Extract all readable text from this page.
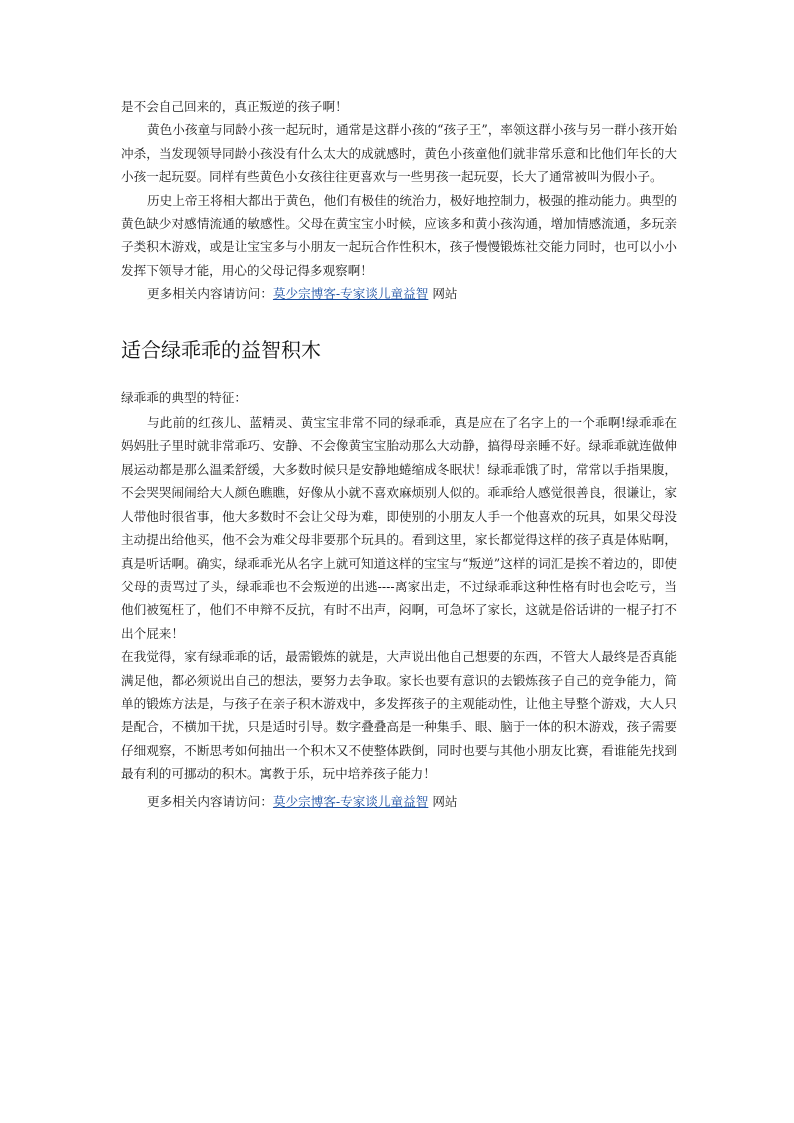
是不会自己回来的，真正叛逆的孩子啊！

黄色小孩童与同龄小孩一起玩时，通常是这群小孩的“孩子王”，率领这群小孩与另一群小孩开始冲杀，当发现领导同龄小孩没有什么太大的成就感时，黄色小孩童他们就非常乐意和比他们年长的大小孩一起玩耍。同样有些黄色小女孩往往更喜欢与一些男孩一起玩耍，长大了通常被叫为假小子。

历史上帝王将相大都出于黄色，他们有极佳的统治力，极好地控制力，极强的推动能力。典型的黄色缺少对感情流通的敏感性。父母在黄宝宝小时候，应该多和黄小孩沟通，增加情感流通，多玩亲子类积木游戏，或是让宝宝多与小朋友一起玩合作性积木，孩子慢慢锻炼社交能力同时，也可以小小发挥下领导才能，用心的父母记得多观察啊！

更多相关内容请访问：莫少宗博客-专家谈儿童益智 网站

适合绿乖乖的益智积木

绿乖乖的典型的特征：

与此前的红孩儿、蓝精灵、黄宝宝非常不同的绿乖乖，真是应在了名字上的一个乖啊!绿乖乖在妈妈肚子里时就非常乖巧、安静、不会像黄宝宝胎动那么大动静，搞得母亲睡不好。绿乖乖就连做伸展运动都是那么温柔舒缓，大多数时候只是安静地蜷缩成冬眠状！绿乖乖饿了时，常常以手指果腹，不会哭哭闹闹给大人颜色瞧瞧，好像从小就不喜欢麻烦别人似的。乖乖给人感觉很善良，很谦让，家人带他时很省事，他大多数时不会让父母为难，即使别的小朋友人手一个他喜欢的玩具，如果父母没主动提出给他买，他不会为难父母非要那个玩具的。看到这里，家长都觉得这样的孩子真是体贴啊，真是听话啊。确实，绿乖乖光从名字上就可知道这样的宝宝与“叛逆”这样的词汇是挨不着边的，即使父母的责骂过了头，绿乖乖也不会叛逆的出逃----离家出走，不过绿乖乖这种性格有时也会吃亏，当他们被冤枉了，他们不申辩不反抗，有时不出声，闷啊，可急坏了家长，这就是俗话讲的一棍子打不出个屁来！

在我觉得，家有绿乖乖的话，最需锻炼的就是，大声说出他自己想要的东西，不管大人最终是否真能满足他，都必须说出自己的想法，要努力去争取。家长也要有意识的去锻炼孩子自己的竞争能力，简单的锻炼方法是，与孩子在亲子积木游戏中，多发挥孩子的主观能动性，让他主导整个游戏，大人只是配合，不横加干扰，只是适时引导。数字叠叠高是一种集手、眼、脑于一体的积木游戏，孩子需要仔细观察，不断思考如何抽出一个积木又不使整体跌倒，同时也要与其他小朋友比赛，看谁能先找到最有利的可挪动的积木。寓教于乐，玩中培养孩子能力！

更多相关内容请访问：莫少宗博客-专家谈儿童益智 网站
